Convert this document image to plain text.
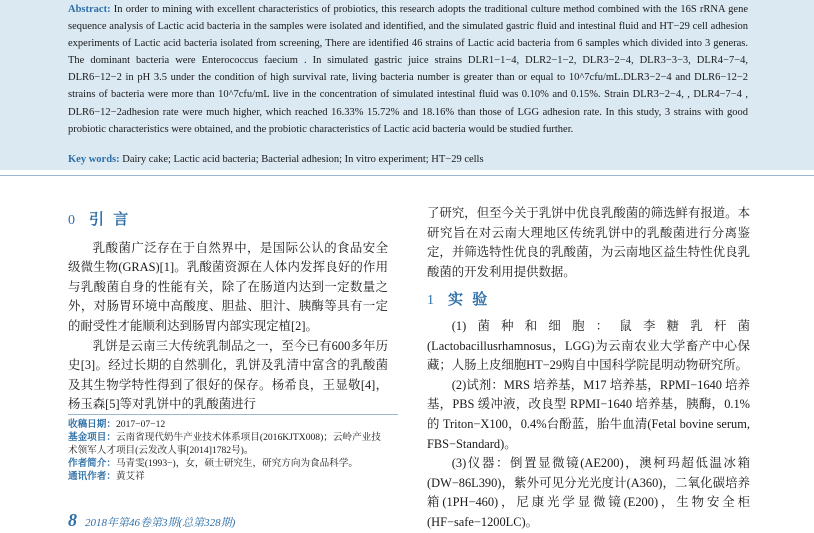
Abstract: In order to mining with excellent characteristics of probiotics, this research adopts the traditional culture method combined with the 16S rRNA gene sequence analysis of Lactic acid bacteria in the samples were isolated and identified, and the simulated gastric fluid and intestinal fluid and HT−29 cell adhesion experiments of Lactic acid bacteria isolated from screening, There are identified 46 strains of Lactic acid bacteria from 6 samples which divided into 3 generas. The dominant bacteria were Enterococcus faecium . In simulated gastric juice strains DLR1−1−4, DLR2−1−2, DLR3−2−4, DLR3−3−3, DLR4−7−4, DLR6−12−2 in pH 3.5 under the condition of high survival rate, living bacteria number is greater than or equal to 10^7cfu/mL.DLR3−2−4 and DLR6−12−2 strains of bacteria were more than 10^7cfu/mL live in the concentration of simulated intestinal fluid was 0.10% and 0.15%. Strain DLR3−2−4, , DLR4−7−4 , DLR6−12−2adhesion rate were much higher, which reached 16.33% 15.72% and 18.16% than those of LGG adhesion rate. In this study, 3 strains with good probiotic characteristics were obtained, and the probiotic characteristics of Lactic acid bacteria would be studied further.
Key words: Dairy cake; Lactic acid bacteria; Bacterial adhesion; In vitro experiment; HT−29 cells
0 引 言

乳酸菌广泛存在于自然界中，是国际公认的食品安全级微生物(GRAS)[1]。乳酸菌资源在人体内发挥良好的作用与乳酸菌自身的性能有关，除了在肠道内达到一定数量之外，对肠胃环境中高酸度、胆盐、胆汁、胰酶等具有一定的耐受性才能顺利达到肠胃内部实现定植[2]。

乳饼是云南三大传统乳制品之一，至今已有600多年历史[3]。经过长期的自然驯化，乳饼及乳清中富含的乳酸菌及其生物学特性得到了很好的保存。杨希良，王显敬[4]，杨玉森[5]等对乳饼中的乳酸菌进行

收稿日期：2017−07−12
基金项目：云南省现代奶牛产业技术体系项目(2016KJTX008)；云岭产业技术领军人才项目(云发改人事[2014]1782号)。
作者简介：马青雯(1993−)，女，硕士研究生，研究方向为食品科学。
通讯作者：黄艾祥

了研究，但至今关于乳饼中优良乳酸菌的筛选鲜有报道。本研究旨在对云南大理地区传统乳饼中的乳酸菌进行分离鉴定，并筛选特性优良的乳酸菌，为云南地区益生特性优良乳酸菌的开发利用提供数据。

1 实 验

(1)菌种和细胞：鼠李糖乳杆菌(Lactobacillusrhamnosus，LGG)为云南农业大学畜产中心保藏；人肠上皮细胞HT−29购自中国科学院昆明动物研究所。

(2)试剂：MRS 培养基，M17 培养基，RPMI−1640 培养基，PBS 缓冲液，改良型 RPMI−1640 培养基，胰酶，0.1% 的 Triton−X100，0.4%台酚蓝，胎牛血清(Fetal bovine serum, FBS−Standard)。

(3)仪器：倒置显微镜(AE200)，澳柯玛超低温冰箱(DW−86L390)，紫外可见分光光度计(A360)，二氧化碳培养箱(1PH−460)，尼康光学显微镜(E200)，生物安全柜(HF−safe−1200LC)。

8 2018年第46卷第3期(总第328期)
